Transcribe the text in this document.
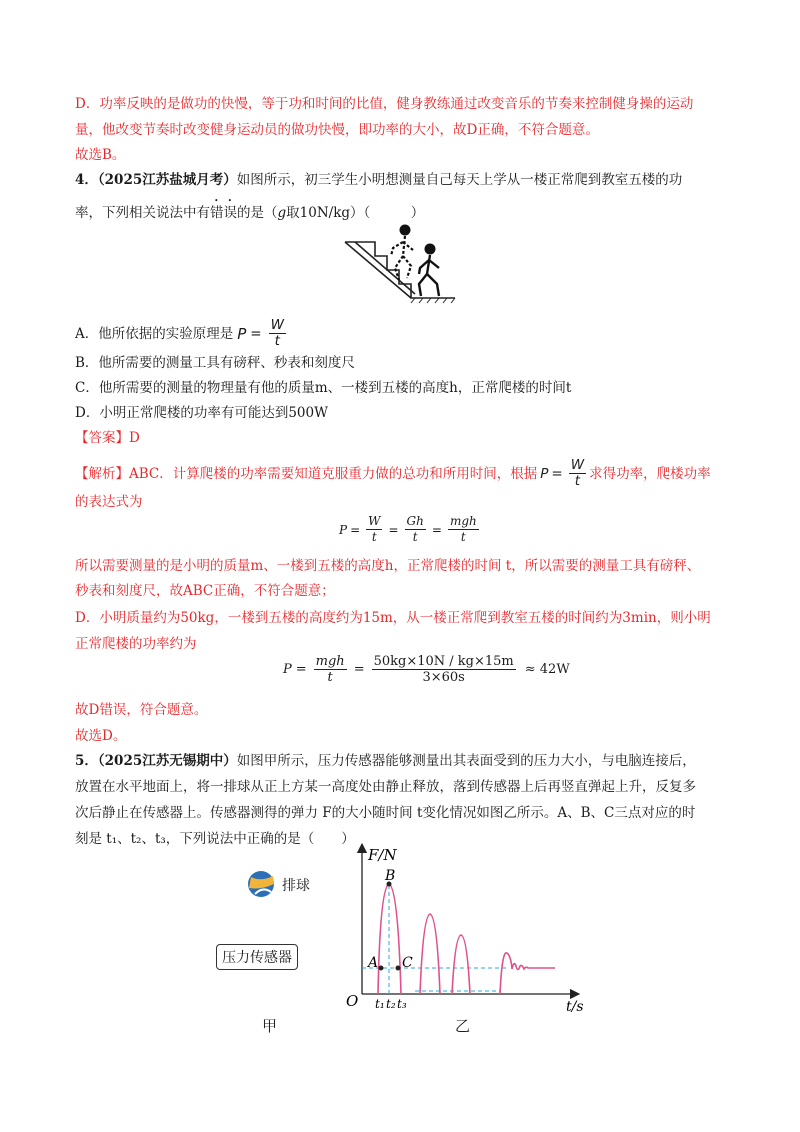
D．功率反映的是做功的快慢，等于功和时间的比值，健身教练通过改变音乐的节奏来控制健身操的运动
量，他改变节奏时改变健身运动员的做功快慢，即功率的大小，故D正确，不符合题意。
故选B。
4．（2025江苏盐城月考）如图所示，初三学生小明想测量自己每天上学从一楼正常爬到教室五楼的功
率，下列相关说法中有错误的是（g取10N/kg）（　　　）
A．他所依据的实验原理是 $P = \frac{W}{t}$
B．他所需要的测量工具有磅秤、秒表和刻度尺
C．他所需要的测量的物理量有他的质量m、一楼到五楼的高度h，正常爬楼的时间t
D．小明正常爬楼的功率有可能达到500W
【答案】D
【解析】ABC．计算爬楼的功率需要知道克服重力做的总功和所用时间，根据 $P = \frac{W}{t}$ 求得功率，爬楼功率
的表达式为
$P = \frac{W}{t} = \frac{Gh}{t} = \frac{\text{mgh}}{t}$
所以需要测量的是小明的质量m、一楼到五楼的高度h，正常爬楼的时间 t，所以需要的测量工具有磅秤、
秒表和刻度尺，故ABC正确，不符合题意；
D．小明质量约为50kg，一楼到五楼的高度约为15m，从一楼正常爬到教室五楼的时间约为3min，则小明
正常爬楼的功率约为
$P = \frac{\text{mgh}}{t} = \frac{50kg\times 10N / kg\times 15m}{3\times 60s} \approx 42W$
故D错误，符合题意。
故选D。
5．（2025江苏无锡期中）如图甲所示，压力传感器能够测量出其表面受到的压力大小，与电脑连接后，
放置在水平地面上，将一排球从正上方某一高度处由静止释放，落到传感器上后再竖直弹起上升，反复多
次后静止在传感器上。传感器测得的弹力 F的大小随时间 t变化情况如图乙所示。A、B、C三点对应的时
刻是 t₁、t₂、t₃，下列说法中正确的是（　　）
排球
压力传感器
甲	乙
F/N
t/s
O
A
B
C
t₁ t₂ t₃
